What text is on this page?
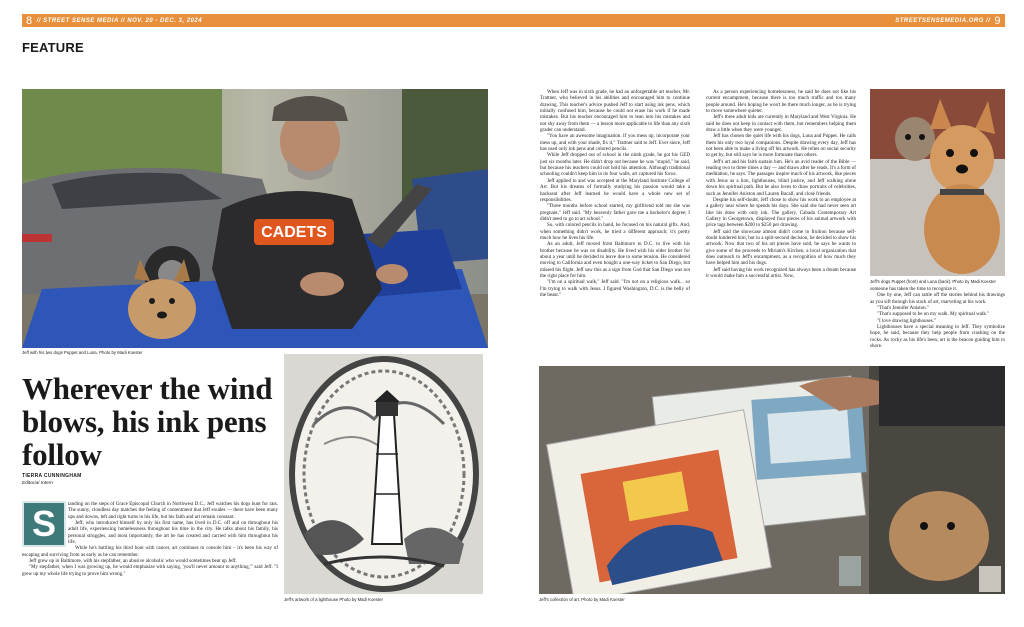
8 // STREET SENSE MEDIA // NOV. 20 - DEC. 3, 2024	STREETSENSEMEDIA.ORG // 9
FEATURE
CADETS
Jeff with his two dogs Puppet and Luna. Photo by Madi Koester
Wherever the wind blows, his ink pens follow
TIERRA CUNNINGHAM
Editorial Intern
S	tanding on the steps of Grace Episcopal Church in Northwest D.C., Jeff watches his dogs hunt for rats. The sunny, cloudless day matches the feeling of contentment that Jeff exudes — there have been many ups and downs, left and right turns in his life, but his faith and art remain constant.

Jeff, who introduced himself by only his first name, has lived in D.C. off and on throughout his adult life, experiencing homelessness throughout his time in the city. He talks about his family, his personal struggles, and most importantly, the art he has created and carried with him throughout his life.

While he's battling his third bout with cancer, art continues to console him – it's been his way of escaping and surviving from as early as he can remember.

Jeff grew up in Baltimore, with his stepfather, an abusive alcoholic who would sometimes beat up Jeff.

"My stepfather, when I was growing up, he would emphasize with saying, 'you'll never amount to anything,'" said Jeff. "I grew up my whole life trying to prove him wrong."

Jeff's artwork of a lighthouse Photo by Madi Koester

When Jeff was in sixth grade, he had an unforgettable art teacher, Mr. Trattner, who believed in his abilities and encouraged him to continue drawing. This teacher's advice pushed Jeff to start using ink pens, which initially confused him, because he could not erase his work if he made mistakes. But his teacher encouraged him to lean into his mistakes and not shy away from them — a lesson more applicable to life than any sixth grader can understand.

"You have an awesome imagination. If you mess up, incorporate your mess up, and with your shade, fix it," Trattner said to Jeff. Ever since, Jeff has used only ink pens and colored pencils.

While Jeff dropped out of school in the ninth grade, he got his GED just six months later. He didn't drop out because he was "stupid," he said, but because his teachers could not hold his attention. Although traditional schooling couldn't keep him in its four walls, art captured his focus.

Jeff applied to and was accepted at the Maryland Institute College of Art. But his dreams of formally studying his passion would take a backseat after Jeff learned he would have a whole new set of responsibilities.

"Three months before school started, my girlfriend told me she was pregnant," Jeff said. "My heavenly father gave me a bachelor's degree; I didn't need to go to art school."

So, with colored pencils in hand, he focused on his natural gifts. And, when something didn't work, he tried a different approach; it's pretty much how he lives his life.

As an adult, Jeff moved from Baltimore to D.C. to live with his brother because he was on disability. He lived with his older brother for about a year until he decided to leave due to some tension. He considered moving to California and even bought a one-way ticket to San Diego, but missed his flight. Jeff saw this as a sign from God that San Diego was not the right place for him.

"I'm on a spiritual walk," Jeff said. "I'm not on a religious walk... so I'm trying to walk with Jesus. I figured Washington, D.C. is the belly of the beast."

As a person experiencing homelessness, he said he does not like his current encampment, because there is too much traffic and too many people around. He's hoping he won't be there much longer, as he is trying to move somewhere quieter.

Jeff's three adult kids are currently in Maryland and West Virginia. He said he does not keep in contact with them, but remembers helping them draw a little when they were younger.

Jeff has chosen the quiet life with his dogs, Luna and Puppet. He calls them his only two loyal companions. Despite drawing every day, Jeff has not been able to make a living off his artwork. He relies on social security to get by, but still says he is more fortunate than others.

Jeff's art and his faith sustain him. He's an avid reader of the Bible — reading two to three times a day — and draws after he reads. It's a form of meditation, he says. The passages inspire much of his artwork, like pieces with Jesus as a lion, lighthouses, blind justice, and Jeff walking alone down his spiritual path. But he also loves to draw portraits of celebrities, such as Jennifer Aniston and Lauren Bacall, and close friends.

Despite his self-doubt, Jeff chose to show his work to an employee at a gallery near where he spends his days. She said she had never seen art like his done with only ink. The gallery, Cabada Contemporary Art Gallery in Georgetown, displayed four pieces of his animal artwork with price tags between $200 to $250 per drawing.

Jeff said the showcase almost didn't come to fruition because self-doubt hindered him, but in a split-second decision, he decided to show his artwork. Now that two of his art pieces have sold, he says he wants to give some of the proceeds to Miriam's Kitchen, a local organization that does outreach to Jeff's encampment, as a recognition of how much they have helped him and his dogs.

Jeff said having his work recognized has always been a dream because it would make him a successful artist. Now,

Jeff's dogs Puppet (front) and Luna (back). Photo by Madi Koester

someone has taken the time to recognize it.

One by one, Jeff can rattle off the stories behind his drawings as you sift through his stack of art, marveling at his work.

"That's Jennifer Aniston."

"That's supposed to be on my walk. My spiritual walk."

"I love drawing lighthouses."

Lighthouses have a special meaning to Jeff. They symbolize hope, he said, because they help people from crashing on the rocks. As rocky as his life's been, art is the beacon guiding him to shore.

Jeff's collection of art. Photo by Madi Koester
